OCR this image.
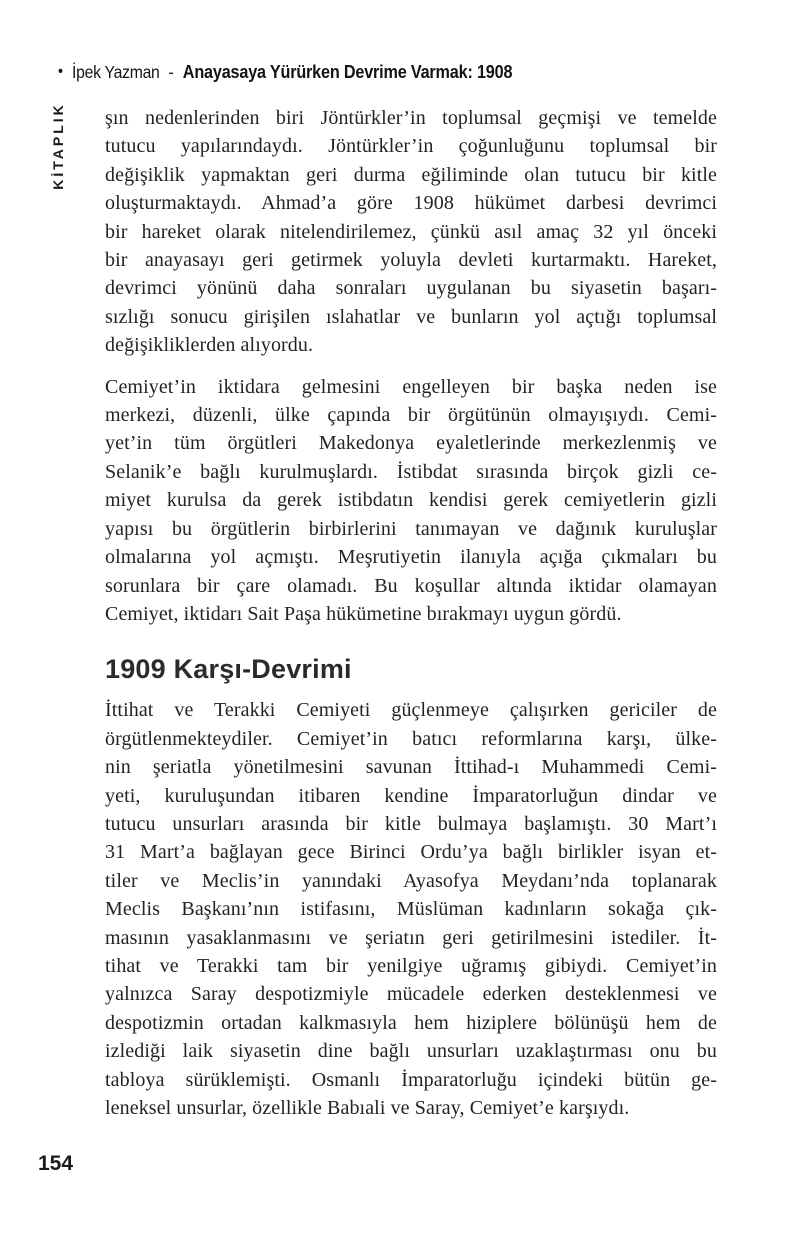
• İpek Yazman - Anayasaya Yürürken Devrime Varmak: 1908
KİTAPLIK şın nedenlerinden biri Jöntürkler’in toplumsal geçmişi ve temelde
tutucu yapılarındaydı. Jöntürkler’in çoğunluğunu toplumsal bir
değişiklik yapmaktan geri durma eğiliminde olan tutucu bir kitle
oluşturmaktaydı. Ahmad’a göre 1908 hükümet darbesi devrimci
bir hareket olarak nitelendirilemez, çünkü asıl amaç 32 yıl önceki
bir anayasayı geri getirmek yoluyla devleti kurtarmaktı. Hareket,
devrimci yönünü daha sonraları uygulanan bu siyasetin başarı-
sızlığı sonucu girişilen ıslahatlar ve bunların yol açtığı toplumsal
değişikliklerden alıyordu.
Cemiyet’in iktidara gelmesini engelleyen bir başka neden ise
merkezi, düzenli, ülke çapında bir örgütünün olmayışıydı. Cemi-
yet’in tüm örgütleri Makedonya eyaletlerinde merkezlenmiş ve
Selanik’e bağlı kurulmuşlardı. İstibdat sırasında birçok gizli ce-
miyet kurulsa da gerek istibdatın kendisi gerek cemiyetlerin gizli
yapısı bu örgütlerin birbirlerini tanımayan ve dağınık kuruluşlar
olmalarına yol açmıştı. Meşrutiyetin ilanıyla açığa çıkmaları bu
sorunlara bir çare olamadı. Bu koşullar altında iktidar olamayan
Cemiyet, iktidarı Sait Paşa hükümetine bırakmayı uygun gördü.
1909 Karşı-Devrimi
İttihat ve Terakki Cemiyeti güçlenmeye çalışırken gericiler de
örgütlenmekteydiler. Cemiyet’in batıcı reformlarına karşı, ülke-
nin şeriatla yönetilmesini savunan İttihad-ı Muhammedi Cemi-
yeti, kuruluşundan itibaren kendine İmparatorluğun dindar ve
tutucu unsurları arasında bir kitle bulmaya başlamıştı. 30 Mart’ı
31 Mart’a bağlayan gece Birinci Ordu’ya bağlı birlikler isyan et-
tiler ve Meclis’in yanındaki Ayasofya Meydanı’nda toplanarak
Meclis Başkanı’nın istifasını, Müslüman kadınların sokağa çık-
masının yasaklanmasını ve şeriatın geri getirilmesini istediler. İt-
tihat ve Terakki tam bir yenilgiye uğramış gibiydi. Cemiyet’in
yalnızca Saray despotizmiyle mücadele ederken desteklenmesi ve
despotizmin ortadan kalkmasıyla hem hiziplere bölünüşü hem de
izlediği laik siyasetin dine bağlı unsurları uzaklaştırması onu bu
tabloya sürüklemişti. Osmanlı İmparatorluğu içindeki bütün ge-
leneksel unsurlar, özellikle Babıali ve Saray, Cemiyet’e karşıydı.
154
